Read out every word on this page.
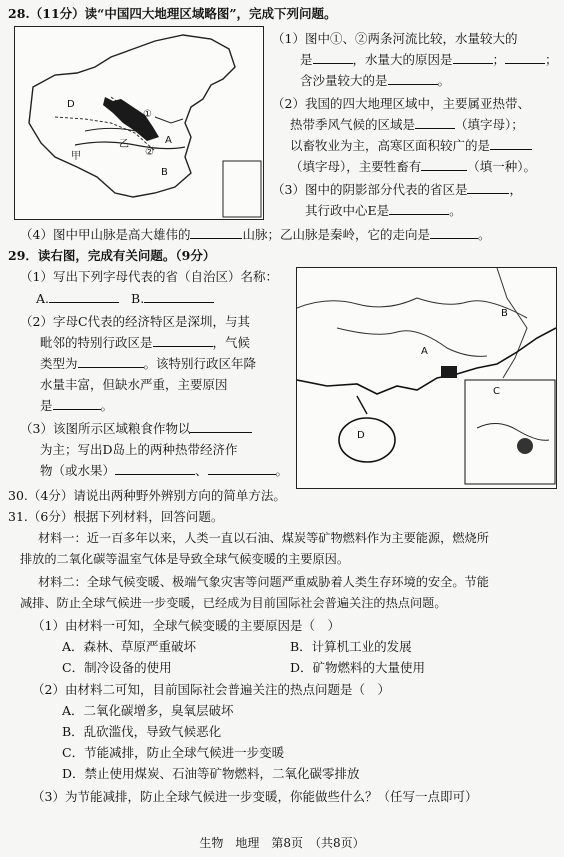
28.（11分）读“中国四大地理区域略图”，完成下列问题。
D
A
B
甲
乙
①
②
（1）图中①、②两条河流比较，水量较大的
是	，水量大的原因是	；	；
含沙量较大的是	。
（2）我国的四大地理区域中，主要属亚热带、
热带季风气候的区域是	（填字母）；
以畜牧业为主，高寒区面积较广的是
（填字母），主要牲畜有	（填一种）。
（3）图中的阴影部分代表的省区是	，
其行政中心E是	。
（4）图中甲山脉是高大雄伟的	山脉；乙山脉是秦岭，它的走向是	。
29．读右图，完成有关问题。（9分）
A
B
C
D
（1）写出下列字母代表的省（自治区）名称：
A.	B.
（2）字母C代表的经济特区是深圳，与其
毗邻的特别行政区是	，气候
类型为	。该特别行政区年降
水量丰富，但缺水严重，主要原因
是	。
（3）该图所示区域粮食作物以
为主；写出D岛上的两种热带经济作
物（或水果）	、	。
30.（4分）请说出两种野外辨别方向的简单方法。
31.（6分）根据下列材料，回答问题。
材料一：近一百多年以来，人类一直以石油、煤炭等矿物燃料作为主要能源，燃烧所
排放的二氧化碳等温室气体是导致全球气候变暖的主要原因。
材料二：全球气候变暖、极端气象灾害等问题严重威胁着人类生存环境的安全。节能
减排、防止全球气候进一步变暖，已经成为目前国际社会普遍关注的热点问题。
（1）由材料一可知，全球气候变暖的主要原因是（　）
A．森林、草原严重破坏	B．计算机工业的发展
C．制冷设备的使用	D．矿物燃料的大量使用
（2）由材料二可知，目前国际社会普遍关注的热点问题是（　）
A．二氧化碳增多，臭氧层破坏
B．乱砍滥伐，导致气候恶化
C．节能减排，防止全球气候进一步变暖
D．禁止使用煤炭、石油等矿物燃料，二氧化碳零排放
（3）为节能减排，防止全球气候进一步变暖，你能做些什么？（任写一点即可）
生物　地理　第8页　（共8页）
